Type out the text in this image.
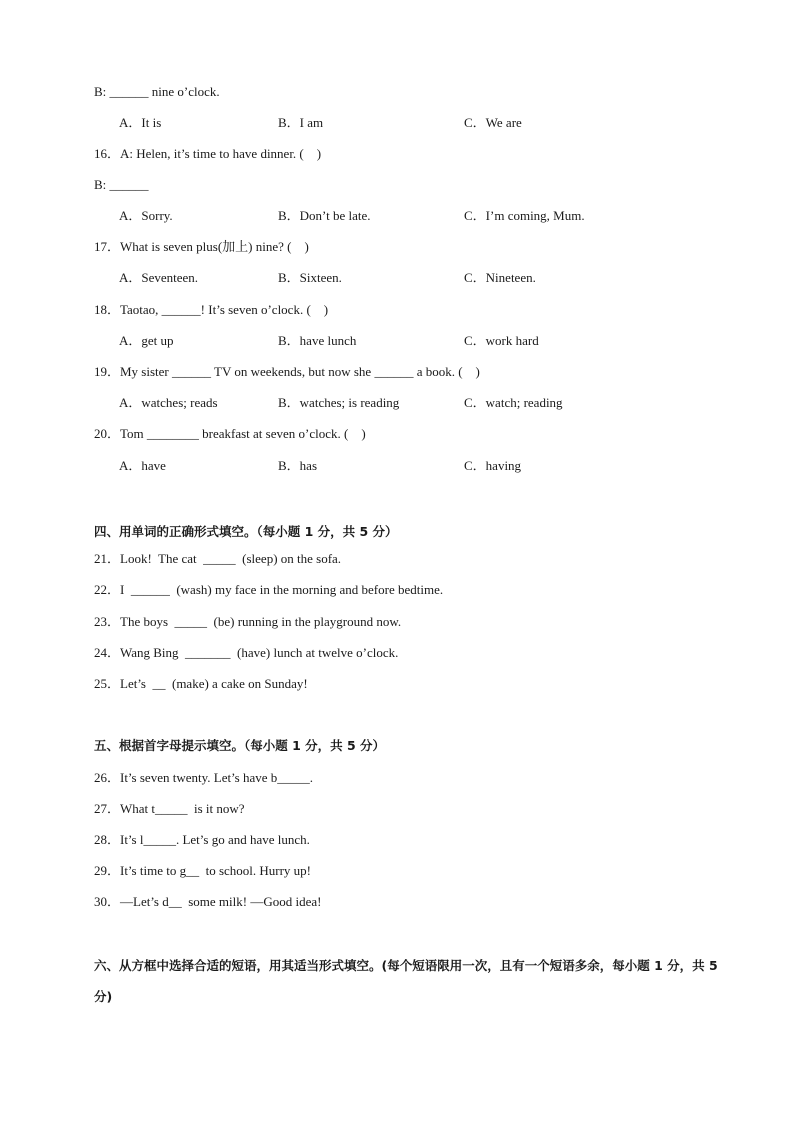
B: ______ nine o’clock.

A．It is

	B．I am

	C．We are

16．A: Helen, it’s time to have dinner. (    )
B: ______

A．Sorry.

	B．Don’t be late.

	C．I’m coming, Mum.

17．What is seven plus(加上) nine? (    )

A．Seventeen.

	B．Sixteen.

	C．Nineteen.

18．Taotao, ______! It’s seven o’clock. (    )

A．get up

	B．have lunch

	C．work hard

19．My sister ______ TV on weekends, but now she ______ a book. (    )

A．watches; reads

	B．watches; is reading

	C．watch; reading

20．Tom ________ breakfast at seven o’clock. (    )

A．have

	B．has

	C．having

四、用单词的正确形式填空。（每小题 1 分，共 5 分）
21．Look!  The cat  _____  (sleep) on the sofa.
22．I  ______  (wash) my face in the morning and before bedtime.
23．The boys  _____  (be) running in the playground now.
24．Wang Bing  _______  (have) lunch at twelve o’clock.
25．Let’s  __  (make) a cake on Sunday!
五、根据首字母提示填空。（每小题 1 分，共 5 分）
26．It’s seven twenty. Let’s have b_____.
27．What t_____  is it now?
28．It’s l_____. Let’s go and have lunch.
29．It’s time to g__  to school. Hurry up!
30．—Let’s d__  some milk! —Good idea!
六、从方框中选择合适的短语，用其适当形式填空。(每个短语限用一次，且有一个短语多余，每小题 1 分，共 5 分)
